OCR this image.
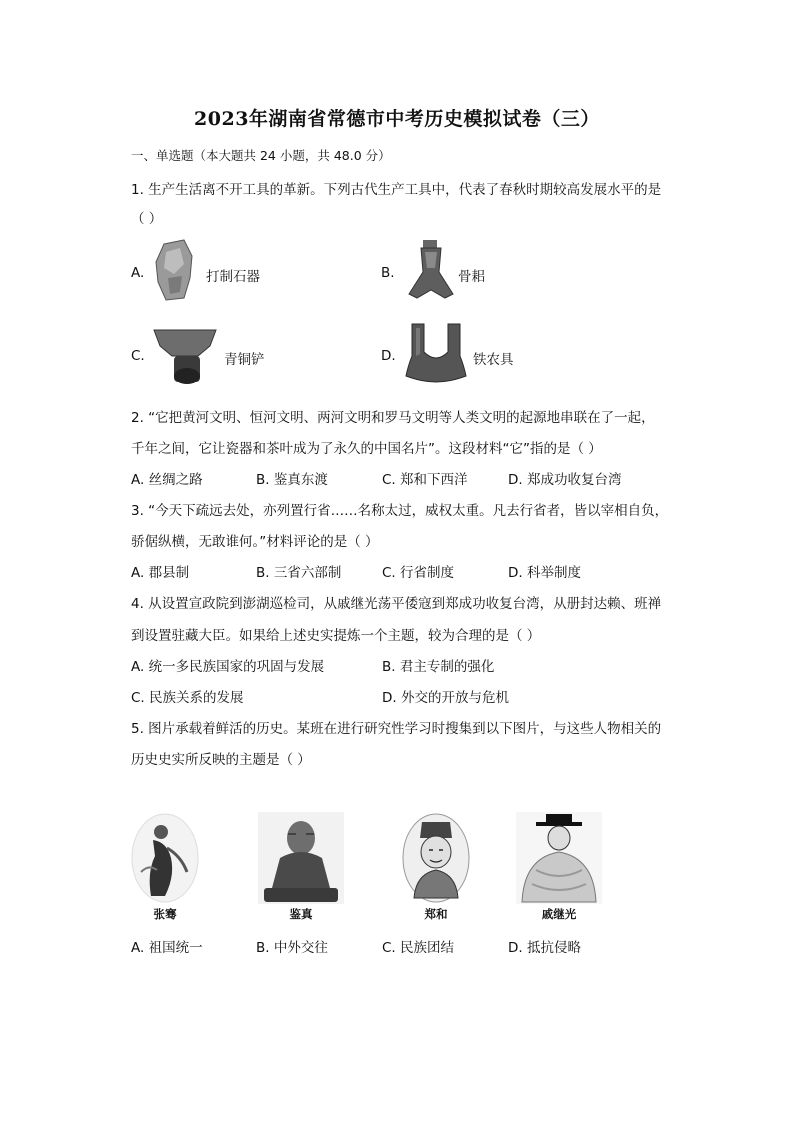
2023年湖南省常德市中考历史模拟试卷（三）
一、单选题（本大题共 24 小题，共 48.0 分）
1. 生产生活离不开工具的革新。下列古代生产工具中，代表了春秋时期较高发展水平的是
（ ）
A.	打制石器	B.	骨耜
C.	青铜铲	D.	铁农具
2. “它把黄河文明、恒河文明、两河文明和罗马文明等人类文明的起源地串联在了一起，
千年之间，它让瓷器和茶叶成为了永久的中国名片”。这段材料“它”指的是（ ）
A. 丝绸之路	B. 鉴真东渡	C. 郑和下西洋	D. 郑成功收复台湾
3. “今天下疏远去处，亦列置行省……名称太过，威权太重。凡去行省者，皆以宰相自负，
骄倨纵横，无敢谁何。”材料评论的是（ ）
A. 郡县制	B. 三省六部制	C. 行省制度	D. 科举制度
4. 从设置宣政院到澎湖巡检司，从戚继光荡平倭寇到郑成功收复台湾，从册封达赖、班禅
到设置驻藏大臣。如果给上述史实提炼一个主题，较为合理的是（ ）
A. 统一多民族国家的巩固与发展	B. 君主专制的强化
C. 民族关系的发展	D. 外交的开放与危机
5. 图片承载着鲜活的历史。某班在进行研究性学习时搜集到以下图片，与这些人物相关的
历史史实所反映的主题是（ ）
张骞	鉴真	郑和	戚继光
A. 祖国统一	B. 中外交往	C. 民族团结	D. 抵抗侵略
